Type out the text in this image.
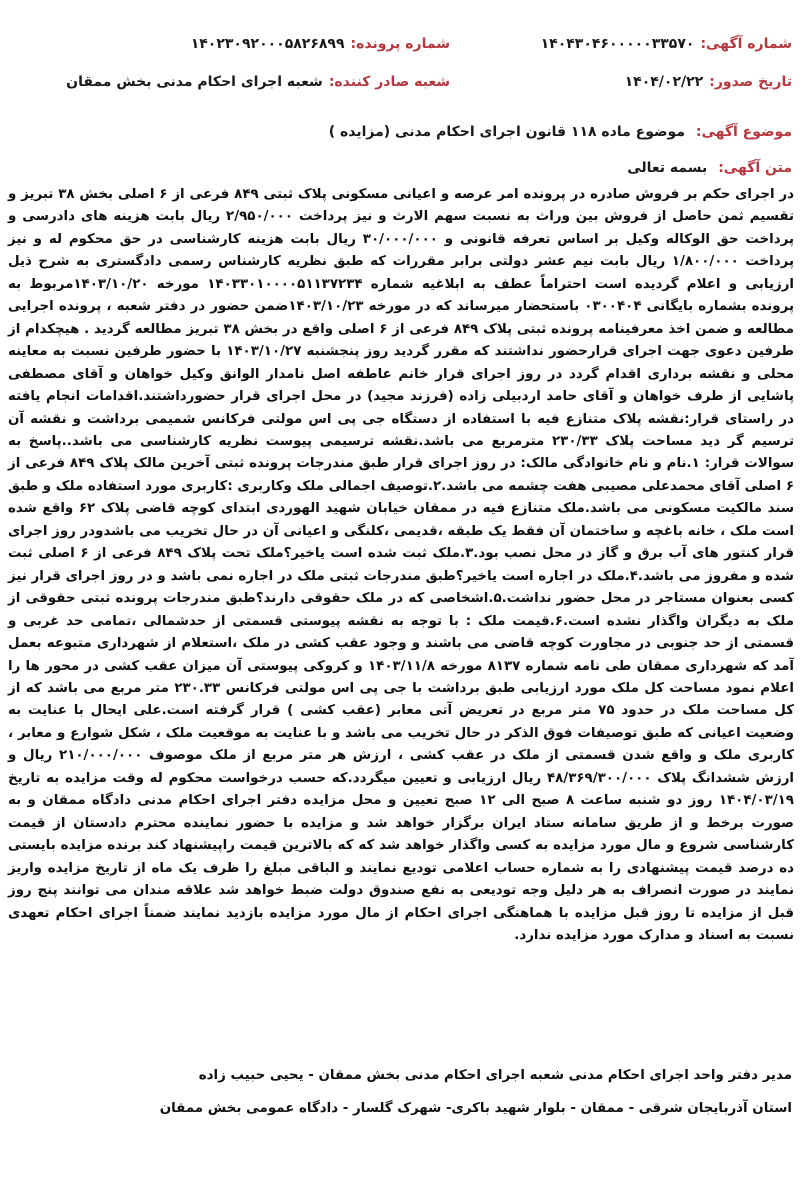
شماره آگهی:۱۴۰۴۳۰۴۶۰۰۰۰۰۳۳۵۷۰
شماره پرونده:۱۴۰۲۳۰۹۲۰۰۰۵۸۲۶۸۹۹
تاریخ صدور:۱۴۰۴/۰۲/۲۲
شعبه صادر کننده:شعبه اجرای احکام مدنی بخش ممقان
موضوع آگهی: موضوع ماده ۱۱۸ قانون اجرای احکام مدنی (مزایده )
متن آگهی: بسمه تعالی

در اجرای حکم بر فروش صادره در پرونده امر عرصه و اعیانی مسکونی پلاک ثبتی ۸۴۹ فرعی از ۶ اصلی بخش ۳۸ تبریز و تقسیم ثمن حاصل از فروش بین وراث به نسبت سهم الارث و نیز پرداخت ۲/۹۵۰/۰۰۰ ریال بابت هزینه های دادرسی و پرداخت حق الوکاله وکیل بر اساس تعرفه قانونی و ۳۰/۰۰۰/۰۰۰ ریال بابت هزینه کارشناسی در حق محکوم له و نیز پرداخت ۱/۸۰۰/۰۰۰ ریال بابت نیم عشر دولتی برابر مقررات که طبق نظریه کارشناس رسمی دادگستری به شرح ذیل ارزیابی و اعلام گردیده است احتراماً عطف به ابلاغیه شماره ۱۴۰۳۳۰۱۰۰۰۰۵۱۱۳۷۲۳۴ مورخه ۱۴۰۳/۱۰/۲۰مربوط به پرونده بشماره بایگانی ۰۳۰۰۴۰۴ باستحضار میرساند که در مورخه ۱۴۰۳/۱۰/۲۳ضمن حضور در دفتر شعبه ، پرونده اجرایی مطالعه و ضمن اخذ معرفینامه پرونده ثبتی پلاک ۸۴۹ فرعی از ۶ اصلی واقع در بخش ۳۸ تبریز مطالعه گردید . هیچکدام از طرفین دعوی جهت اجرای قرارحضور نداشتند که مقرر گردید روز پنجشنبه ۱۴۰۳/۱۰/۲۷ با حضور طرفین نسبت به معاینه محلی و نقشه برداری اقدام گردد در روز اجرای قرار خانم عاطفه اصل نامدار الوانق وکیل خواهان و آقای مصطفی پاشایی از طرف خواهان و آقای حامد اردبیلی زاده (فرزند مجید) در محل اجرای قرار حضورداشتند.اقدامات انجام یافته در راستای قرار:نقشه پلاک متنازع فیه با استفاده از دستگاه جی پی اس مولتی فرکانس شمیمی برداشت و نقشه آن ترسیم گر دید مساحت پلاک ۲۳۰/۳۳ مترمربع می باشد.نقشه ترسیمی پیوست نظریه کارشناسی می باشد..پاسخ به سوالات قرار: ۱.نام و نام خانوادگی مالک: در روز اجرای قرار طبق مندرجات پرونده ثبتی آخرین مالک پلاک ۸۴۹ فرعی از ۶ اصلی آقای محمدعلی مصیبی هفت چشمه می باشد.۲.توصیف اجمالی ملک وکاربری :کاربری مورد استفاده ملک و طبق سند مالکیت مسکونی می باشد.ملک متنازع فیه در ممقان خیابان شهید الهوردی ابتدای کوچه قاضی پلاک ۶۲ واقع شده است ملک ، خانه باغچه و ساختمان آن فقط یک طبقه ،قدیمی ،کلنگی و اعیانی آن در حال تخریب می باشدودر روز اجرای قرار کنتور های آب برق و گاز در محل نصب بود.۳.ملک ثبت شده است یاخیر؟ملک تحت پلاک ۸۴۹ فرعی از ۶ اصلی ثبت شده و مفروز می باشد.۴.ملک در اجاره است یاخیر؟طبق مندرجات ثبتی ملک در اجاره نمی باشد و در روز اجرای قرار نیز کسی بعنوان مستاجر در محل حضور نداشت.۵.اشخاصی که در ملک حقوقی دارند؟طبق مندرجات پرونده ثبتی حقوقی از ملک به دیگران واگذار نشده است.۶.قیمت ملک : با توجه به نقشه پیوستی قسمتی از حدشمالی ،تمامی حد غربی و قسمتی از حد جنوبی در مجاورت کوچه قاضی می باشند و وجود عقب کشی در ملک ،استعلام از شهرداری متبوعه بعمل آمد که شهرداری ممقان طی نامه شماره ۸۱۳۷ مورخه ۱۴۰۳/۱۱/۸ و کروکی پیوستی آن میزان عقب کشی در محور ها را اعلام نمود مساحت کل ملک مورد ارزیابی طبق برداشت با جی پی اس مولتی فرکانس ۲۳۰.۳۳ متر مربع می باشد که از کل مساحت ملک در حدود ۷۵ متر مربع در تعریض آتی معابر (عقب کشی ) قرار گرفته است.علی ایحال با عنایت به وضعیت اعیانی که طبق توصیفات فوق الذکر در حال تخریب می باشد و با عنایت به موقعیت ملک ، شکل شوارع و معابر ، کاربری ملک و واقع شدن قسمتی از ملک در عقب کشی ، ارزش هر متر مربع از ملک موصوف ۲۱۰/۰۰۰/۰۰۰ ریال و ارزش ششدانگ پلاک ۴۸/۳۶۹/۳۰۰/۰۰۰ ریال ارزیابی و تعیین میگردد.که حسب درخواست محکوم له وقت مزایده به تاریخ ۱۴۰۴/۰۳/۱۹ روز دو شنبه ساعت ۸ صبح الی ۱۲ صبح تعیین و محل مزایده دفتر اجرای احکام مدنی دادگاه ممقان و به صورت برخط و از طریق سامانه ستاد ایران برگزار خواهد شد و مزایده با حضور نماینده محترم دادستان از قیمت کارشناسی شروع و مال مورد مزایده به کسی واگذار خواهد شد که که بالاترین قیمت راپیشنهاد کند برنده مزایده بایستی ده درصد قیمت پیشنهادی را به شماره حساب اعلامی تودیع نمایند و الباقی مبلغ را ظرف یک ماه از تاریخ مزایده واریز نمایند در صورت انصراف به هر دلیل وجه تودیعی به نفع صندوق دولت ضبط خواهد شد علاقه مندان می توانند پنج روز قبل از مزایده تا روز قبل مزایده با هماهنگی اجرای احکام از مال مورد مزایده بازدید نمایند ضمناً اجرای احکام تعهدی نسبت به اسناد و مدارک مورد مزایده ندارد.

مدیر دفتر واحد اجرای احکام مدنی شعبه اجرای احکام مدنی بخش ممقان - یحیی حبیب زاده
استان آذربایجان شرقی - ممقان - بلوار شهید باکری- شهرک گلسار - دادگاه عمومی بخش ممقان
